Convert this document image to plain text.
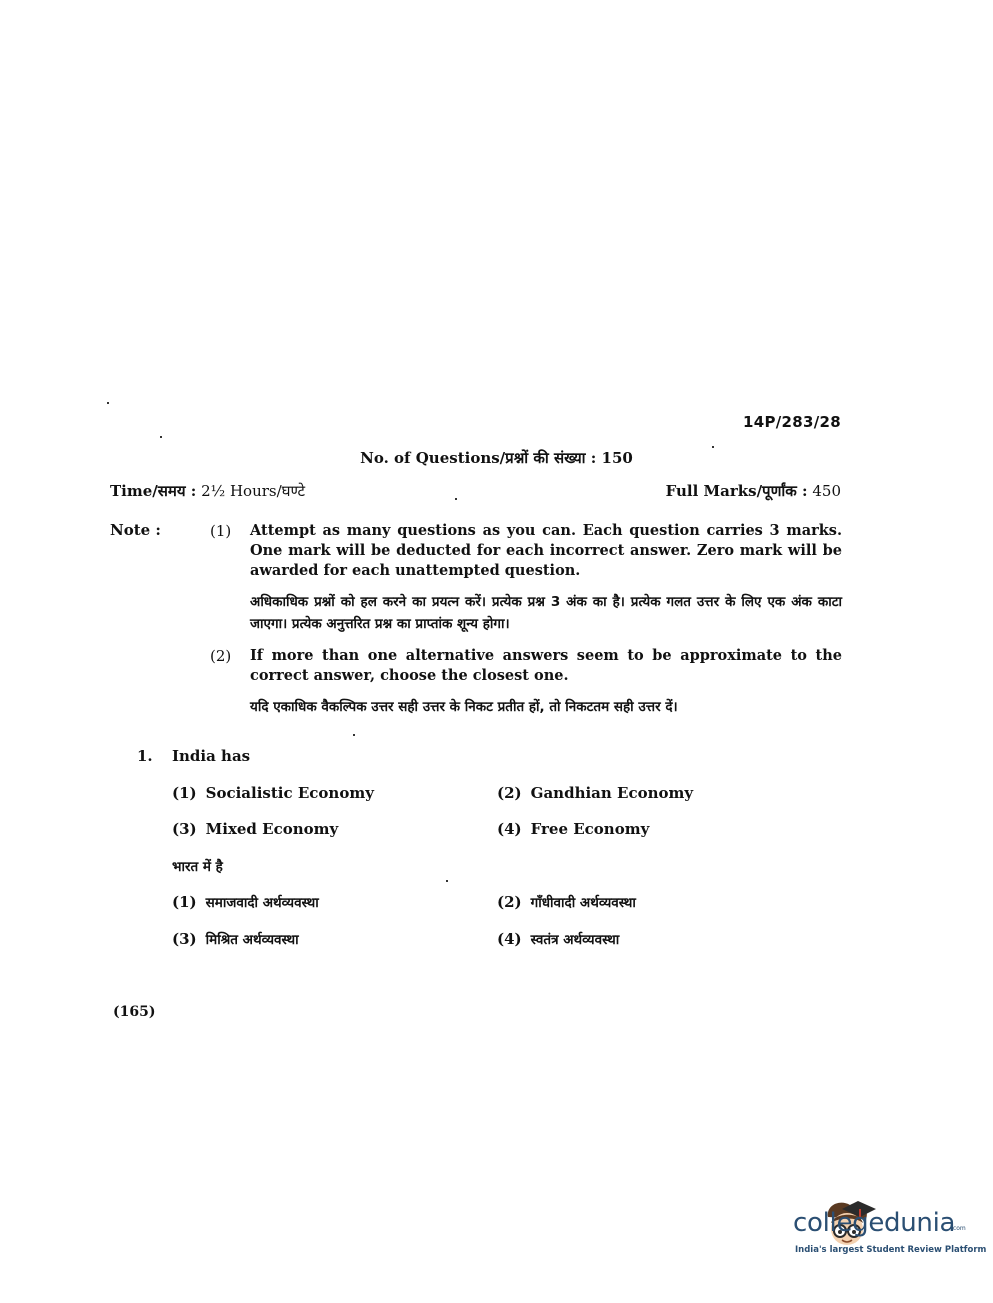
14P/283/28
No. of Questions/प्रश्नों की संख्या : 150
Time/समय : 2½ Hours/घण्टे	Full Marks/पूर्णांक : 450
Note :	(1)	Attempt as many questions as you can. Each question carries 3 marks. One mark will be deducted for each incorrect answer. Zero mark will be awarded for each unattempted question.
अधिकाधिक प्रश्नों को हल करने का प्रयत्न करें। प्रत्येक प्रश्न 3 अंक का है। प्रत्येक गलत उत्तर के लिए एक अंक काटा जाएगा। प्रत्येक अनुत्तरित प्रश्न का प्राप्तांक शून्य होगा।
(2)	If more than one alternative answers seem to be approximate to the correct answer, choose the closest one.
यदि एकाधिक वैकल्पिक उत्तर सही उत्तर के निकट प्रतीत हों, तो निकटतम सही उत्तर दें।
1. India has
(1) Socialistic Economy	(2) Gandhian Economy
(3) Mixed Economy	(4) Free Economy
भारत में है
(1) समाजवादी अर्थव्यवस्था	(2) गाँधीवादी अर्थव्यवस्था
(3) मिश्रित अर्थव्यवस्था	(4) स्वतंत्र अर्थव्यवस्था
(165)
collegedunia
.com
India's largest Student Review Platform
